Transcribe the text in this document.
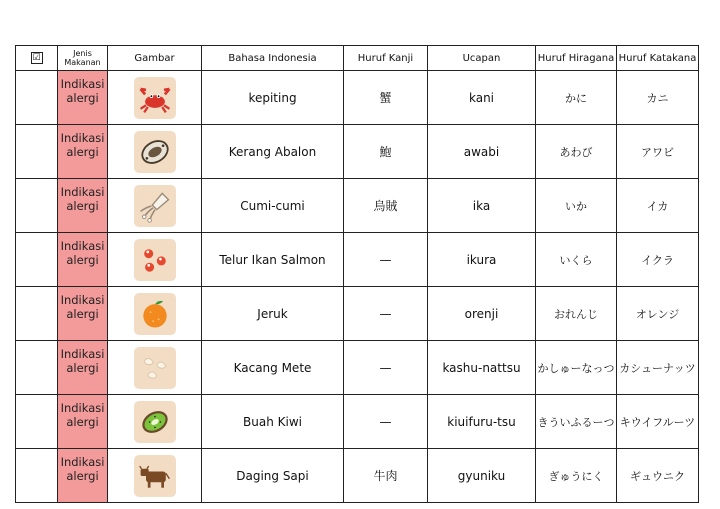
☑	Jenis Makanan	Gambar	Bahasa Indonesia	Huruf Kanji	Ucapan	Huruf Hiragana	Huruf Katakana
	Indikasi alergi		kepiting	蟹	kani	かに	カニ
	Indikasi alergi		Kerang Abalon	鮑	awabi	あわび	アワビ
	Indikasi alergi		Cumi-cumi	烏賊	ika	いか	イカ
	Indikasi alergi		Telur Ikan Salmon	—	ikura	いくら	イクラ
	Indikasi alergi		Jeruk	—	orenji	おれんじ	オレンジ
	Indikasi alergi		Kacang Mete	—	kashu-nattsu	かしゅーなっつ	カシューナッツ
	Indikasi alergi		Buah Kiwi	—	kiuifuru-tsu	きういふるーつ	キウイフルーツ
	Indikasi alergi		Daging Sapi	牛肉	gyuniku	ぎゅうにく	ギュウニク
